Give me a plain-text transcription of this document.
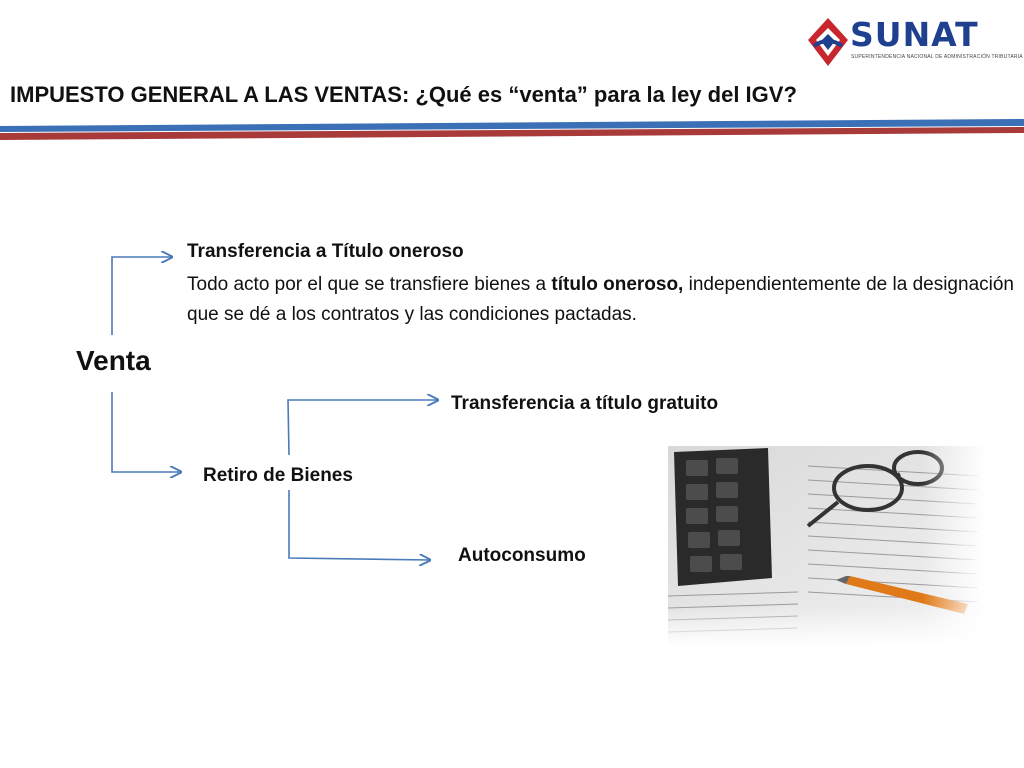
SUNAT
SUPERINTENDENCIA NACIONAL DE ADMINISTRACIÓN TRIBUTARIA
IMPUESTO GENERAL A LAS VENTAS: ¿Qué es “venta” para la ley del IGV?
Venta
Transferencia a Título oneroso
Todo acto por el que se transfiere bienes a título oneroso, independientemente de la designación que se dé a los contratos y las condiciones pactadas.
Transferencia a título gratuito
Retiro de Bienes
Autoconsumo
